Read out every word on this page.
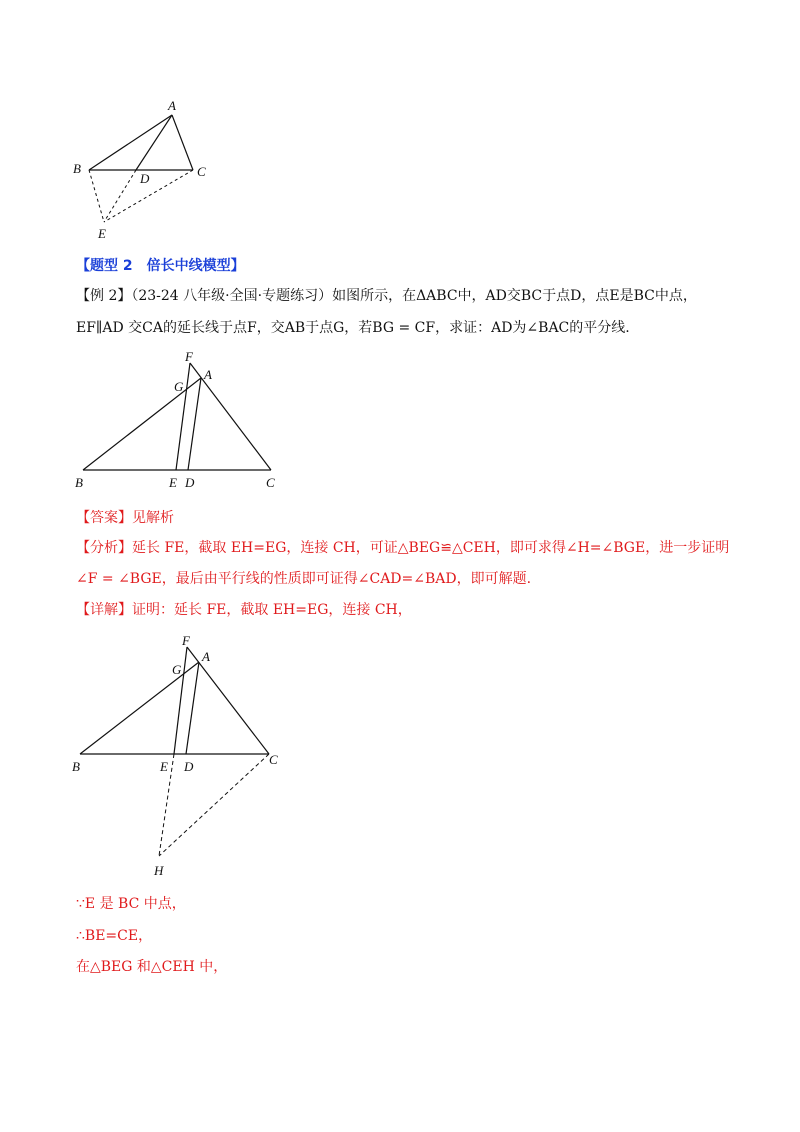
A
B	C
D
E
【题型 2　倍长中线模型】
【例 2】（23-24 八年级·全国·专题练习）如图所示，在ΔABC中，AD交BC于点D，点E是BC中点，
EF∥AD 交CA的延长线于点F，交AB于点G，若BG = CF，求证：AD为∠BAC的平分线.
F
A
G
B	E D	C
【答案】见解析
【分析】延长 FE，截取 EH=EG，连接 CH，可证△BEG≌△CEH，即可求得∠H=∠BGE，进一步证明
∠F = ∠BGE，最后由平行线的性质即可证得∠CAD=∠BAD，即可解题.
【详解】证明：延长 FE，截取 EH=EG，连接 CH，
F
A
G
B	E D	C
H
∵E 是 BC 中点，
∴BE=CE，
在△BEG 和△CEH 中，
